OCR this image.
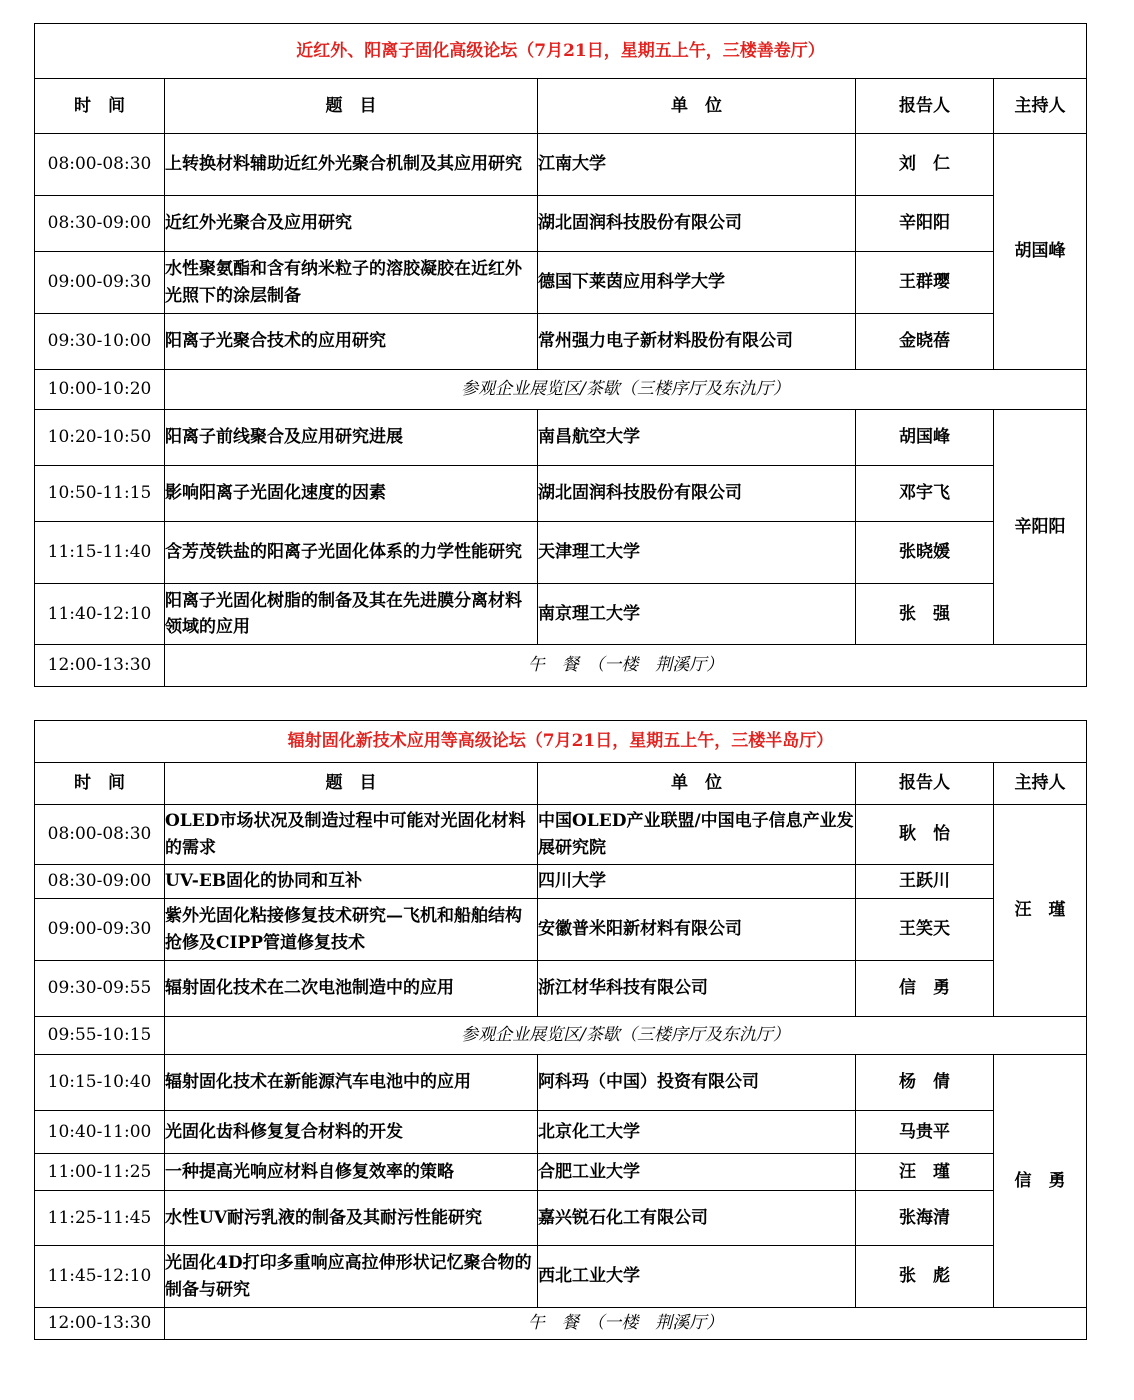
近红外、阳离子固化高级论坛（7月21日，星期五上午，三楼善卷厅）				
时　间	题　目	单　位	报告人	主持人
08:00-08:30	上转换材料辅助近红外光聚合机制及其应用研究	江南大学	刘　仁	胡国峰
08:30-09:00	近红外光聚合及应用研究	湖北固润科技股份有限公司	辛阳阳	
09:00-09:30	水性聚氨酯和含有纳米粒子的溶胶凝胶在近红外光照下的涂层制备	德国下莱茵应用科学大学	王群璎	
09:30-10:00	阳离子光聚合技术的应用研究	常州强力电子新材料股份有限公司	金晓蓓	
10:00-10:20	参观企业展览区/茶歇（三楼序厅及东氿厅）			
10:20-10:50	阳离子前线聚合及应用研究进展	南昌航空大学	胡国峰	辛阳阳
10:50-11:15	影响阳离子光固化速度的因素	湖北固润科技股份有限公司	邓宇飞	
11:15-11:40	含芳茂铁盐的阳离子光固化体系的力学性能研究	天津理工大学	张晓媛	
11:40-12:10	阳离子光固化树脂的制备及其在先进膜分离材料领域的应用	南京理工大学	张　强	
12:00-13:30	午　餐　（一楼　荆溪厅）			
辐射固化新技术应用等高级论坛（7月21日，星期五上午，三楼半岛厅）				
时　间	题　目	单　位	报告人	主持人
08:00-08:30	OLED市场状况及制造过程中可能对光固化材料的需求	中国OLED产业联盟/中国电子信息产业发展研究院	耿　怡	汪　瑾
08:30-09:00	UV-EB固化的协同和互补	四川大学	王跃川	
09:00-09:30	紫外光固化粘接修复技术研究—飞机和船舶结构抢修及CIPP管道修复技术	安徽普米阳新材料有限公司	王笑天	
09:30-09:55	辐射固化技术在二次电池制造中的应用	浙江材华科技有限公司	信　勇	
09:55-10:15	参观企业展览区/茶歇（三楼序厅及东氿厅）			
10:15-10:40	辐射固化技术在新能源汽车电池中的应用	阿科玛（中国）投资有限公司	杨　倩	信　勇
10:40-11:00	光固化齿科修复复合材料的开发	北京化工大学	马贵平	
11:00-11:25	一种提高光响应材料自修复效率的策略	合肥工业大学	汪　瑾	
11:25-11:45	水性UV耐污乳液的制备及其耐污性能研究	嘉兴锐石化工有限公司	张海清	
11:45-12:10	光固化4D打印多重响应高拉伸形状记忆聚合物的制备与研究	西北工业大学	张　彪	
12:00-13:30	午　餐　（一楼　荆溪厅）			
